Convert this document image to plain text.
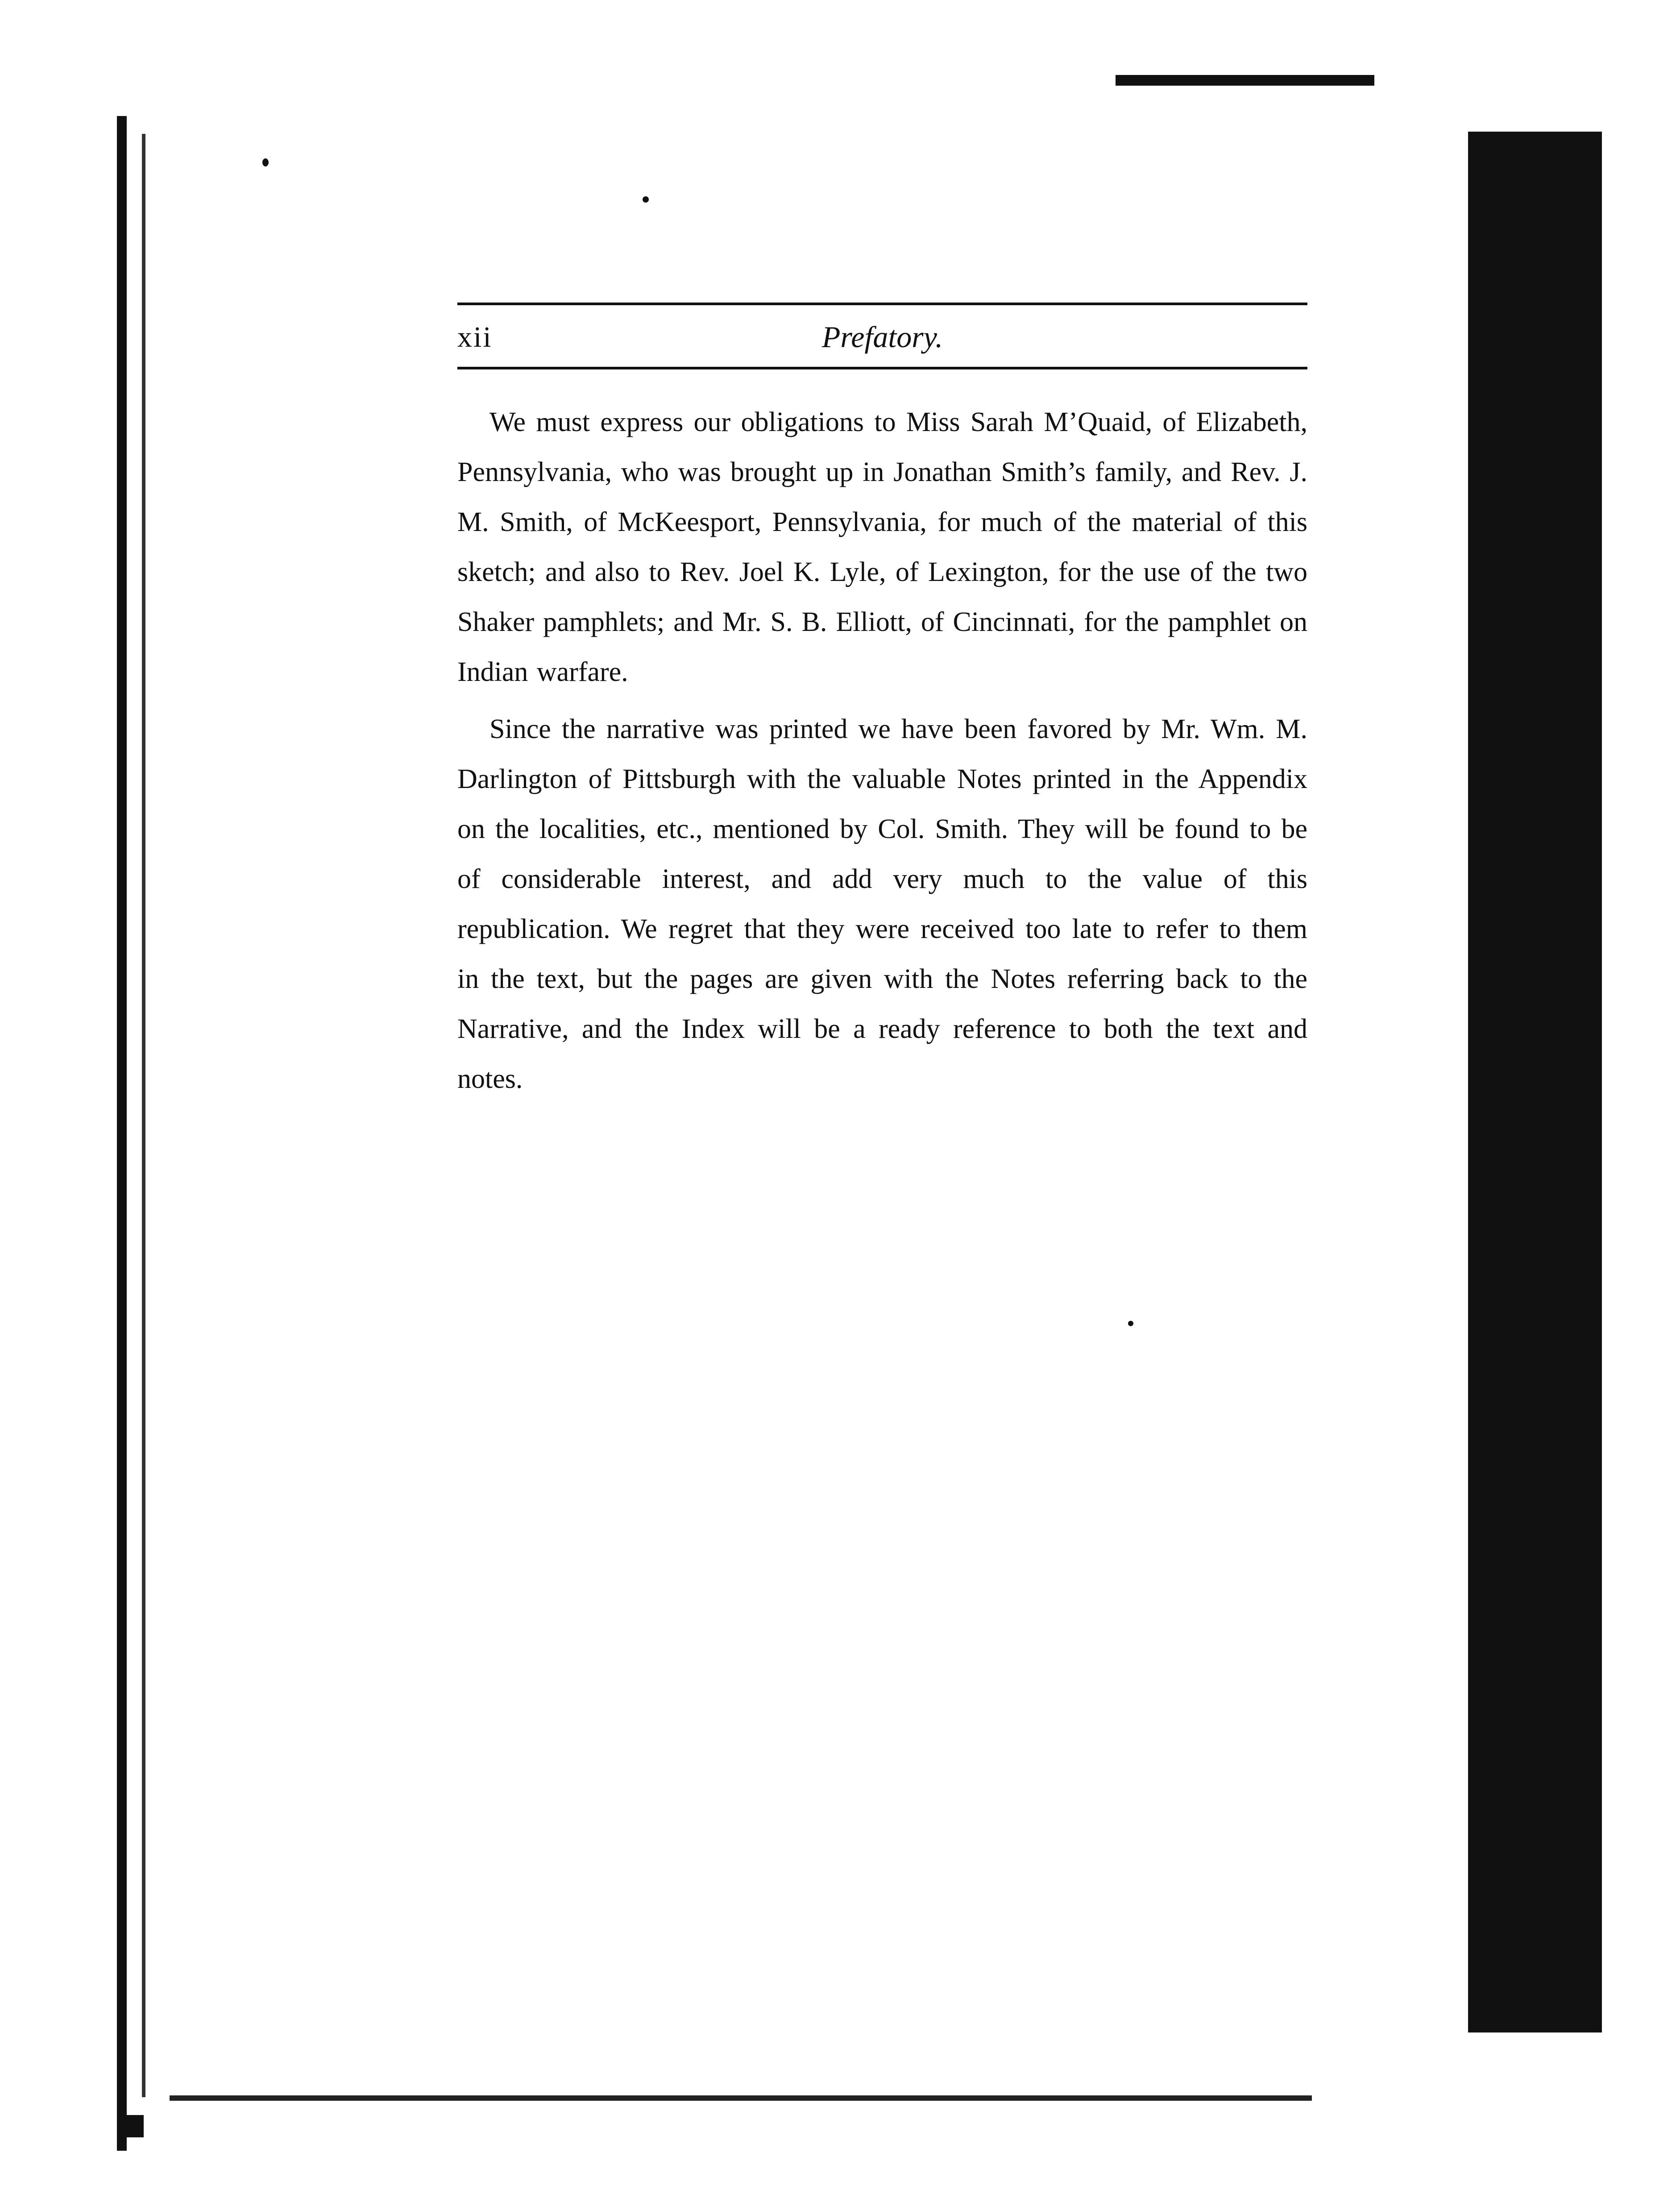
xii	Prefatory.

We must express our obligations to Miss Sarah M’Quaid, of Elizabeth, Pennsylvania, who was brought up in Jonathan Smith’s family, and Rev. J. M. Smith, of McKeesport, Pennsylvania, for much of the material of this sketch; and also to Rev. Joel K. Lyle, of Lexington, for the use of the two Shaker pamphlets; and Mr. S. B. Elliott, of Cincinnati, for the pamphlet on Indian warfare.

Since the narrative was printed we have been favored by Mr. Wm. M. Darlington of Pittsburgh with the valuable Notes printed in the Appendix on the localities, etc., mentioned by Col. Smith. They will be found to be of considerable interest, and add very much to the value of this republication. We regret that they were received too late to refer to them in the text, but the pages are given with the Notes referring back to the Narrative, and the Index will be a ready reference to both the text and notes.
